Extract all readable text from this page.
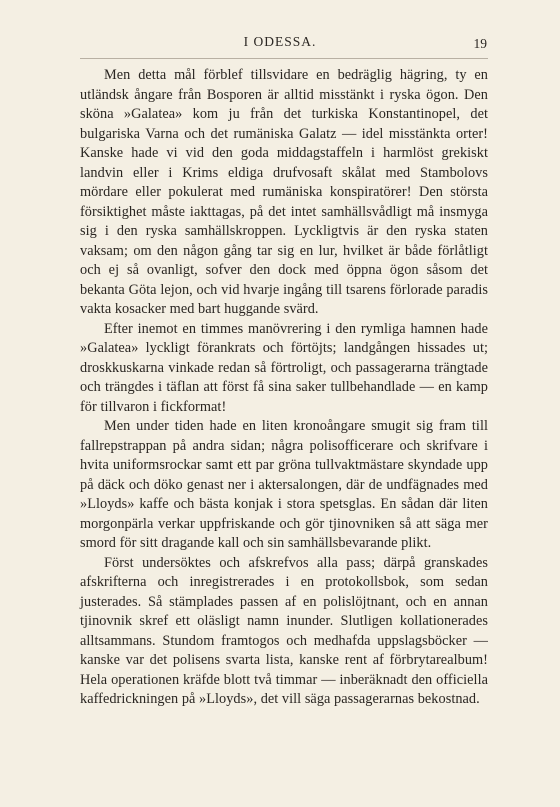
I ODESSA.	19

Men detta mål förblef tillsvidare en bedräglig hägring, ty en utländsk ångare från Bosporen är alltid misstänkt i ryska ögon. Den sköna »Galatea» kom ju från det turkiska Konstantinopel, det bulgariska Varna och det rumäniska Galatz — idel misstänkta orter! Kanske hade vi vid den goda middagstaffeln i harmlöst grekiskt landvin eller i Krims eldiga drufvosaft skålat med Stambolovs mördare eller pokulerat med rumäniska konspiratörer! Den största försiktighet måste iakttagas, på det intet samhällsvådligt må insmyga sig i den ryska samhällskroppen. Lyckligtvis är den ryska staten vaksam; om den någon gång tar sig en lur, hvilket är både förlåtligt och ej så ovanligt, sofver den dock med öppna ögon såsom det bekanta Göta lejon, och vid hvarje ingång till tsarens förlorade paradis vakta kosacker med bart huggande svärd.

Efter inemot en timmes manövrering i den rymliga hamnen hade »Galatea» lyckligt förankrats och förtöjts; landgången hissades ut; droskkuskarna vinkade redan så förtroligt, och passagerarna trängtade och trängdes i täflan att först få sina saker tullbehandlade — en kamp för tillvaron i fickformat!

Men under tiden hade en liten kronoångare smugit sig fram till fallrepstrappan på andra sidan; några polisofficerare och skrifvare i hvita uniformsrockar samt ett par gröna tullvaktmästare skyndade upp på däck och döko genast ner i aktersalongen, där de undfägnades med »Lloyds» kaffe och bästa konjak i stora spetsglas. En sådan där liten morgonpärla verkar uppfriskande och gör tjinovniken så att säga mer smord för sitt dragande kall och sin samhällsbevarande plikt.

Först undersöktes och afskrefvos alla pass; därpå granskades afskrifterna och inregistrerades i en protokollsbok, som sedan justerades. Så stämplades passen af en polislöjtnant, och en annan tjinovnik skref ett oläsligt namn inunder. Slutligen kollationerades alltsammans. Stundom framtogos och medhafda uppslagsböcker — kanske var det polisens svarta lista, kanske rent af förbrytarealbum! Hela operationen kräfde blott två timmar — inberäknadt den officiella kaffedrickningen på »Lloyds», det vill säga passagerarnas bekostnad.
